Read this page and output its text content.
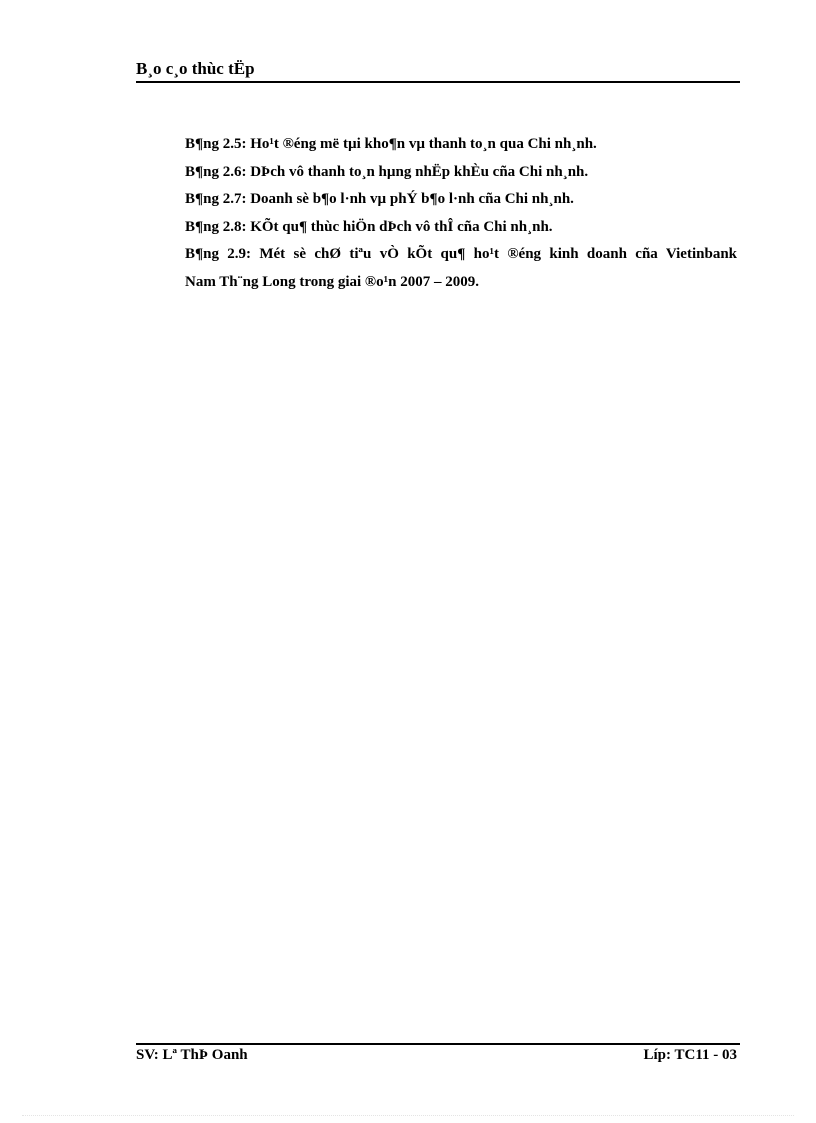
B¸o c¸o thùc tËp
B¶ng 2.5: Ho¹t ®éng më tµi kho¶n vµ thanh to¸n qua Chi nh¸nh.
B¶ng 2.6: DÞch vô thanh to¸n hµng nhËp khÈu cña Chi nh¸nh.
B¶ng 2.7: Doanh sè b¶o l·nh vµ phÝ b¶o l·nh cña Chi nh¸nh.
B¶ng 2.8: KÕt qu¶ thùc hiÖn dÞch vô thÎ cña Chi nh¸nh.
B¶ng 2.9: Mét sè chØ tiªu vÒ kÕt qu¶ ho¹t ®éng kinh doanh cña Vietinbank
Nam Th¨ng Long trong giai ®o¹n 2007 – 2009.
SV: Lª ThÞ Oanh	Líp: TC11 - 03
